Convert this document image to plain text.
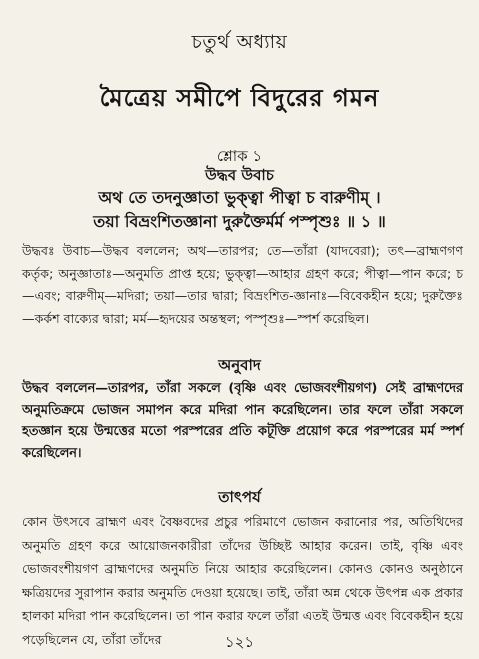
চতুর্থ অধ্যায়
মৈত্রেয় সমীপে বিদুরের গমন
শ্লোক ১
উদ্ধব উবাচ
অথ তে তদনুজ্ঞাতা ভুক্ত্বা পীত্বা চ বারুণীম্ ।
তয়া বিভ্রংশিতজ্ঞানা দুরুক্তৈর্মর্ম পস্পৃশুঃ ॥ ১ ॥
উদ্ধবঃ উবাচ—উদ্ধব বললেন; অথ—তারপর; তে—তাঁরা (যাদবেরা); তৎ—ব্রাহ্মণগণ কর্তৃক; অনুজ্ঞাতাঃ—অনুমতি প্রাপ্ত হয়ে; ভুক্ত্বা—আহার গ্রহণ করে; পীত্বা—পান করে; চ—এবং; বারুণীম্—মদিরা; তয়া—তার দ্বারা; বিভ্রংশিত-জ্ঞানাঃ—বিবেকহীন হয়ে; দুরুক্তৈঃ—কর্কশ বাক্যের দ্বারা; মর্ম—হৃদয়ের অন্তস্থল; পস্পৃশুঃ—স্পর্শ করেছিল।
অনুবাদ
উদ্ধব বললেন—তারপর, তাঁরা সকলে (বৃষ্ণি এবং ভোজবংশীয়গণ) সেই ব্রাহ্মণদের অনুমতিক্রমে ভোজন সমাপন করে মদিরা পান করেছিলেন। তার ফলে তাঁরা সকলে হতজ্ঞান হয়ে উন্মত্তের মতো পরস্পরের প্রতি কটূক্তি প্রয়োগ করে পরস্পরের মর্ম স্পর্শ করেছিলেন।
তাৎপর্য
কোন উৎসবে ব্রাহ্মণ এবং বৈষ্ণবদের প্রচুর পরিমাণে ভোজন করানোর পর, অতিথিদের অনুমতি গ্রহণ করে আয়োজনকারীরা তাঁদের উচ্ছিষ্ট আহার করেন। তাই, বৃষ্ণি এবং ভোজবংশীয়গণ ব্রাহ্মণদের অনুমতি নিয়ে আহার করেছিলেন। কোনও কোনও অনুষ্ঠানে ক্ষত্রিয়দের সুরাপান করার অনুমতি দেওয়া হয়েছে। তাই, তাঁরা অন্ন থেকে উৎপন্ন এক প্রকার হালকা মদিরা পান করেছিলেন। তা পান করার ফলে তাঁরা এতই উন্মত্ত এবং বিবেকহীন হয়ে পড়েছিলেন যে, তাঁরা তাঁদের	১২১
